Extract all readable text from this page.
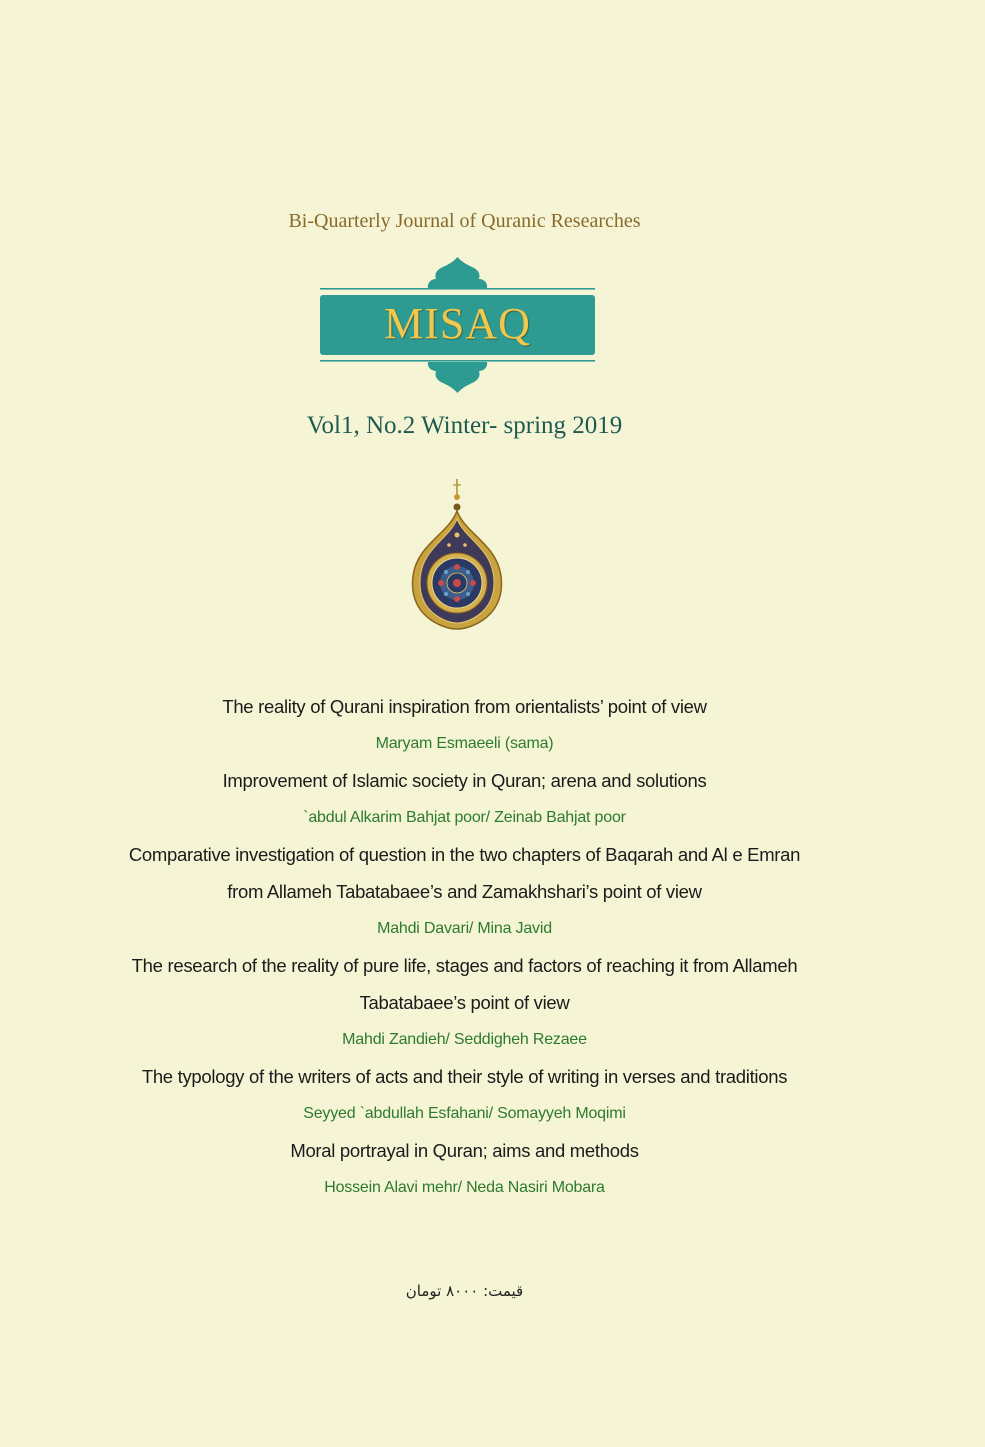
Bi-Quarterly Journal of Quranic Researches
MISAQ
Vol1, No.2 Winter- spring 2019
The reality of Qurani inspiration from orientalists’ point of view
Maryam Esmaeeli (sama)
Improvement of Islamic society in Quran; arena and solutions
`abdul Alkarim Bahjat poor/ Zeinab Bahjat poor
Comparative investigation of question in the two chapters of Baqarah and Al e Emran
from Allameh Tabatabaee’s and Zamakhshari’s point of view
Mahdi Davari/ Mina Javid
The research of the reality of pure life, stages and factors of reaching it from Allameh
Tabatabaee’s point of view
Mahdi Zandieh/ Seddigheh Rezaee
The typology of the writers of acts and their style of writing in verses and traditions
Seyyed `abdullah Esfahani/ Somayyeh Moqimi
Moral portrayal in Quran; aims and methods
Hossein Alavi mehr/ Neda Nasiri Mobara
قیمت: ۸۰۰۰ تومان
